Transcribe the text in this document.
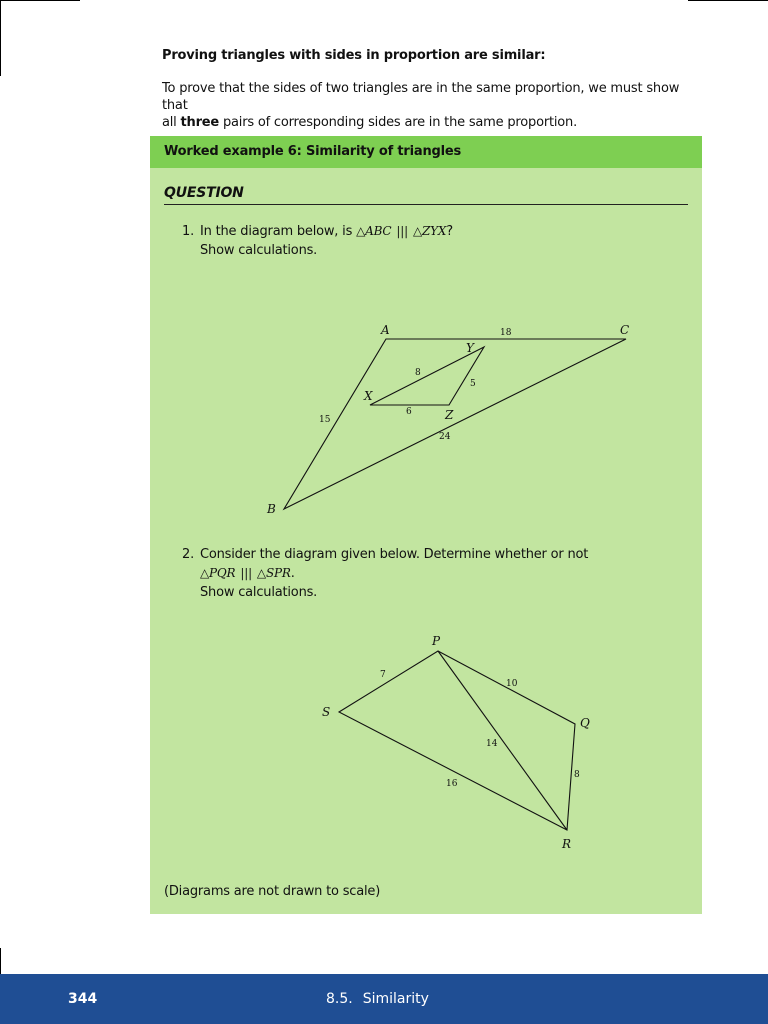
Proving triangles with sides in proportion are similar:
To prove that the sides of two triangles are in the same proportion, we must show that
all three pairs of corresponding sides are in the same proportion.
Worked example 6: Similarity of triangles
QUESTION
1. In the diagram below, is △ABC ||| △ZYX?
Show calculations.
A	C
B
Y
X
Z
18
15
24
8
5
6
2. Consider the diagram given below. Determine whether or not
△PQR ||| △SPR.
Show calculations.
P
S
Q
R
7
10
14
8
16
(Diagrams are not drawn to scale)
344	8.5. Similarity
